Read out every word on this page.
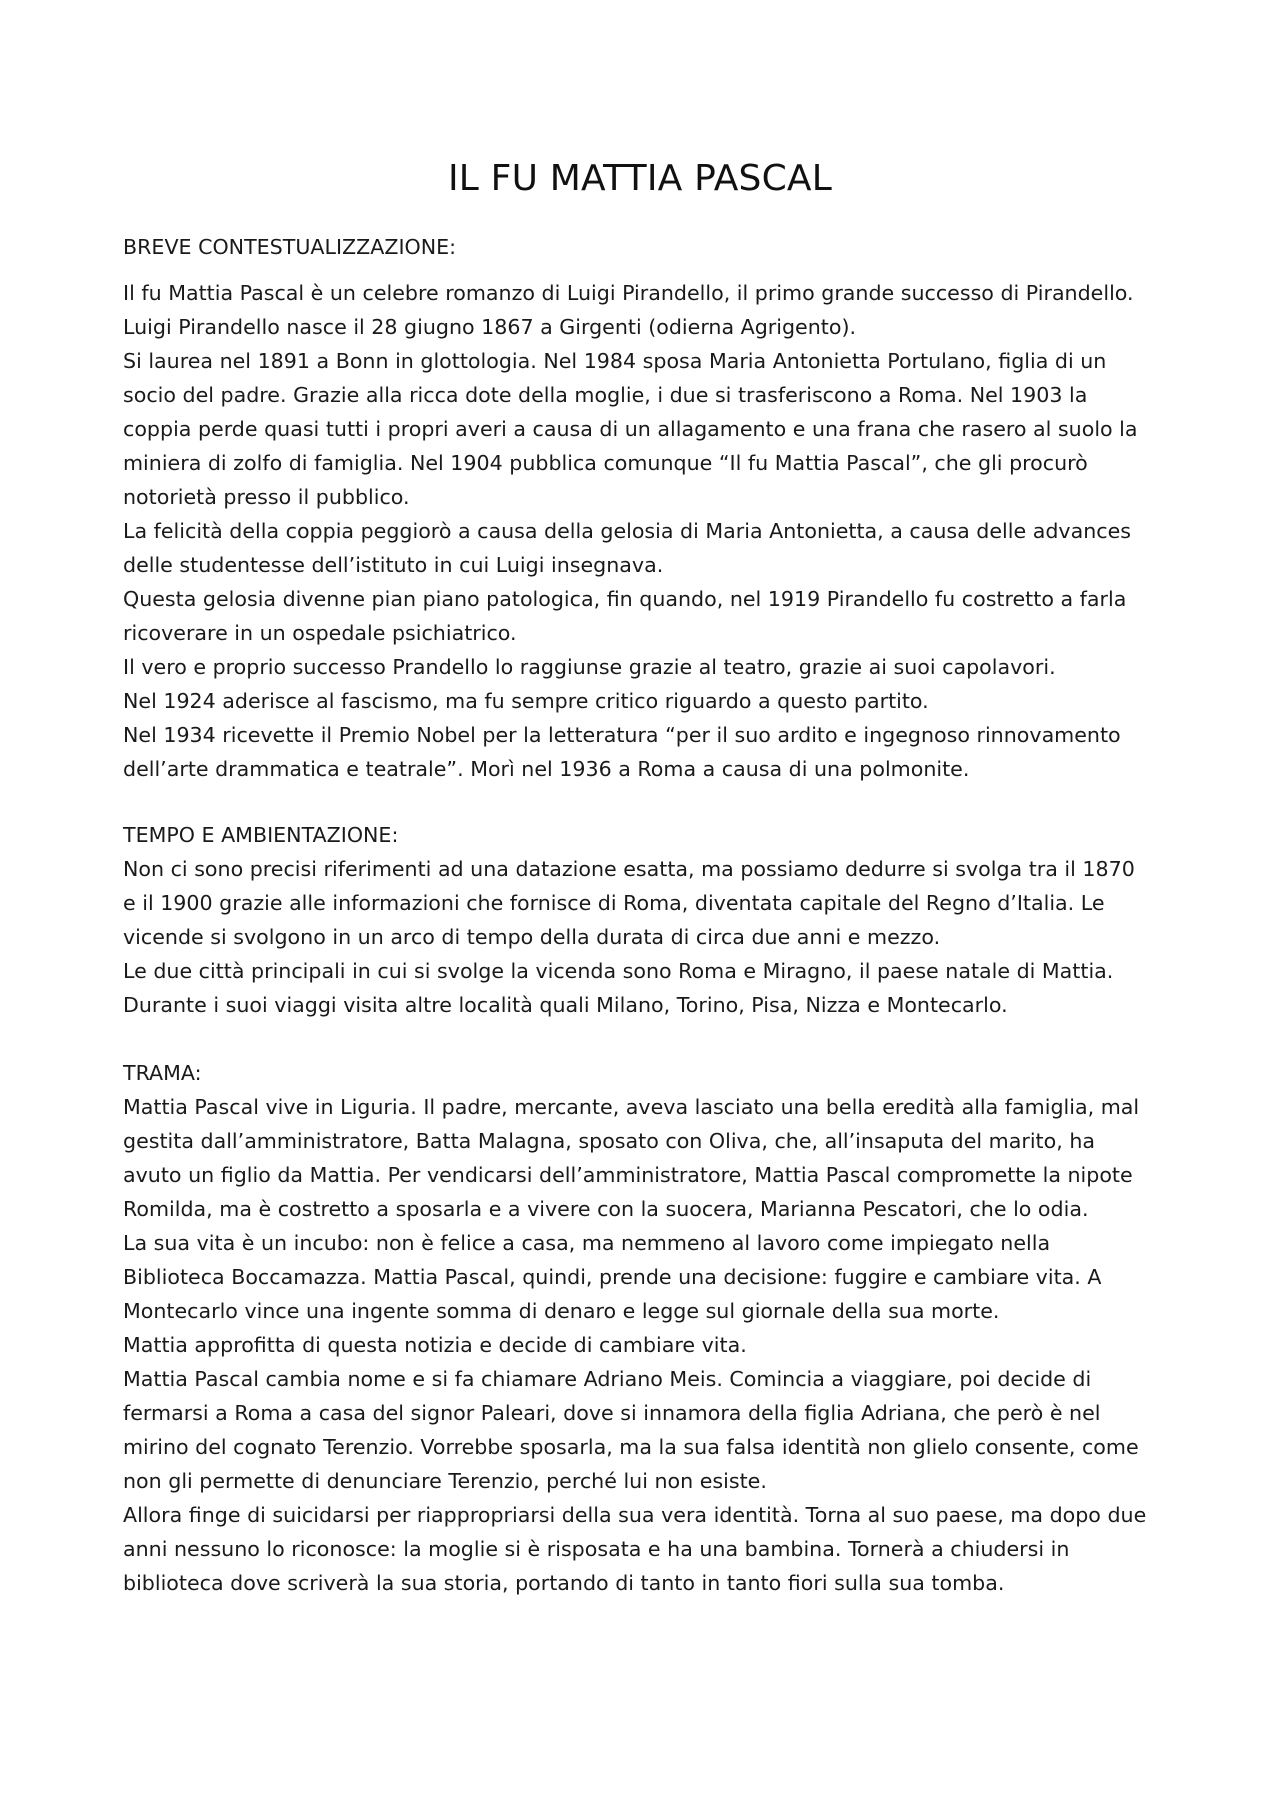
IL FU MATTIA PASCAL
BREVE CONTESTUALIZZAZIONE:
Il fu Mattia Pascal è un celebre romanzo di Luigi Pirandello, il primo grande successo di Pirandello.
Luigi Pirandello nasce il 28 giugno 1867 a Girgenti (odierna Agrigento).
Si laurea nel 1891 a Bonn in glottologia. Nel 1984 sposa Maria Antonietta Portulano, figlia di un
socio del padre. Grazie alla ricca dote della moglie, i due si trasferiscono a Roma. Nel 1903 la
coppia perde quasi tutti i propri averi a causa di un allagamento e una frana che rasero al suolo la
miniera di zolfo di famiglia. Nel 1904 pubblica comunque “Il fu Mattia Pascal”, che gli procurò
notorietà presso il pubblico.
La felicità della coppia peggiorò a causa della gelosia di Maria Antonietta, a causa delle advances
delle studentesse dell’istituto in cui Luigi insegnava.
Questa gelosia divenne pian piano patologica, fin quando, nel 1919 Pirandello fu costretto a farla
ricoverare in un ospedale psichiatrico.
Il vero e proprio successo Prandello lo raggiunse grazie al teatro, grazie ai suoi capolavori.
Nel 1924 aderisce al fascismo, ma fu sempre critico riguardo a questo partito.
Nel 1934 ricevette il Premio Nobel per la letteratura “per il suo ardito e ingegnoso rinnovamento
dell’arte drammatica e teatrale”. Morì nel 1936 a Roma a causa di una polmonite.
TEMPO E AMBIENTAZIONE:
Non ci sono precisi riferimenti ad una datazione esatta, ma possiamo dedurre si svolga tra il 1870
e il 1900 grazie alle informazioni che fornisce di Roma, diventata capitale del Regno d’Italia. Le
vicende si svolgono in un arco di tempo della durata di circa due anni e mezzo.
Le due città principali in cui si svolge la vicenda sono Roma e Miragno, il paese natale di Mattia.
Durante i suoi viaggi visita altre località quali Milano, Torino, Pisa, Nizza e Montecarlo.
TRAMA:
Mattia Pascal vive in Liguria. Il padre, mercante, aveva lasciato una bella eredità alla famiglia, mal
gestita dall’amministratore, Batta Malagna, sposato con Oliva, che, all’insaputa del marito, ha
avuto un figlio da Mattia. Per vendicarsi dell’amministratore, Mattia Pascal compromette la nipote
Romilda, ma è costretto a sposarla e a vivere con la suocera, Marianna Pescatori, che lo odia.
La sua vita è un incubo: non è felice a casa, ma nemmeno al lavoro come impiegato nella
Biblioteca Boccamazza. Mattia Pascal, quindi, prende una decisione: fuggire e cambiare vita. A
Montecarlo vince una ingente somma di denaro e legge sul giornale della sua morte.
Mattia approfitta di questa notizia e decide di cambiare vita.
Mattia Pascal cambia nome e si fa chiamare Adriano Meis. Comincia a viaggiare, poi decide di
fermarsi a Roma a casa del signor Paleari, dove si innamora della figlia Adriana, che però è nel
mirino del cognato Terenzio. Vorrebbe sposarla, ma la sua falsa identità non glielo consente, come
non gli permette di denunciare Terenzio, perché lui non esiste.
Allora finge di suicidarsi per riappropriarsi della sua vera identità. Torna al suo paese, ma dopo due
anni nessuno lo riconosce: la moglie si è risposata e ha una bambina. Tornerà a chiudersi in
biblioteca dove scriverà la sua storia, portando di tanto in tanto fiori sulla sua tomba.
